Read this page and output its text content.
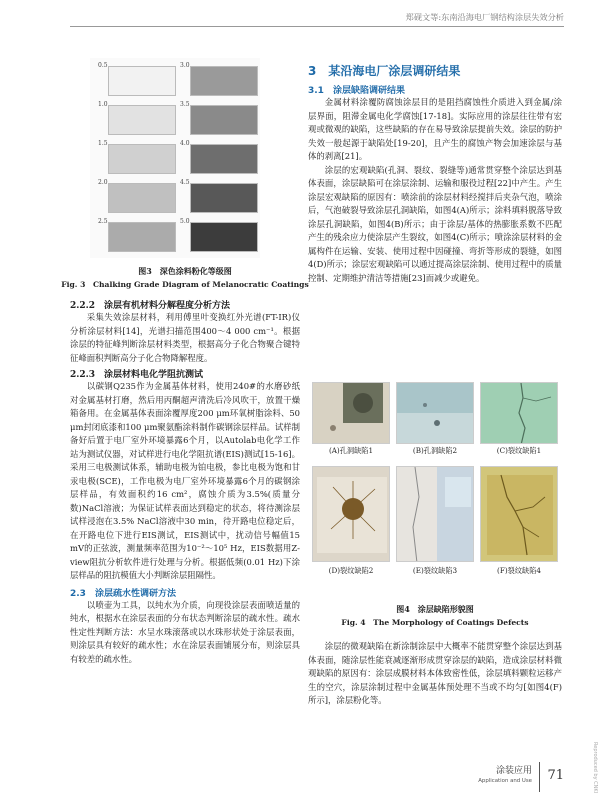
郑砚文等:东南沿海电厂钢结构涂层失效分析
0.5	3.0
1.0	3.5
1.5	4.0
2.0	4.5
2.5	5.0
图3　深色涂料粉化等级图
Fig. 3　Chalking Grade Diagram of Melanocratic Coatings
2.2.2　涂层有机材料分解程度分析方法

采集失效涂层材料，利用傅里叶变换红外光谱(FT-IR)仪分析涂层材料[14]，光谱扫描范围400～4 000 cm⁻¹。根据涂层的特征峰判断涂层材料类型，根据高分子化合物聚合键特征峰面积判断高分子化合物降解程度。

2.2.3　涂层材料电化学阻抗测试

以碳钢Q235作为金属基体材料，使用240#的水磨砂纸对金属基材打磨，然后用丙酮超声清洗后冷风吹干，放置干燥箱备用。在金属基体表面涂覆厚度200 μm环氧树脂涂料、50 μm封闭底漆和100 μm聚氨酯涂料制作碳钢涂层样品。试样制备好后置于电厂室外环境暴露6个月，以Autolab电化学工作站为测试仪器，对试样进行电化学阻抗谱(EIS)测试[15-16]。采用三电极测试体系，辅助电极为铂电极，参比电极为饱和甘汞电极(SCE)，工作电极为电厂室外环境暴露6个月的碳钢涂层样品，有效面积约16 cm²，腐蚀介质为3.5%(质量分数)NaCl溶液；为保证试样表面达到稳定的状态，将待测涂层试样浸泡在3.5% NaCl溶液中30 min，待开路电位稳定后，在开路电位下进行EIS测试，EIS测试中，扰动信号幅值15 mV的正弦波，测量频率范围为10⁻²～10⁵ Hz，EIS数据用Z-view阻抗分析软件进行处理与分析。根据低频(0.01 Hz)下涂层样品的阻抗模值大小判断涂层阻隔性。

2.3　涂层疏水性调研方法

以喷壶为工具，以纯水为介质，向现役涂层表面喷适量的纯水，根据水在涂层表面的分布状态判断涂层的疏水性。疏水性定性判断方法：水呈水珠滚落或以水珠形状处于涂层表面，则涂层具有较好的疏水性；水在涂层表面铺展分布，则涂层具有较差的疏水性。

3　某沿海电厂涂层调研结果
3.1　涂层缺陷调研结果

金属材料涂覆防腐蚀涂层目的是阻挡腐蚀性介质进入到金属/涂层界面，阻滞金属电化学腐蚀[17-18]。实际应用的涂层往往带有宏观或微观的缺陷，这些缺陷的存在易导致涂层提前失效。涂层的防护失效一般起源于缺陷处[19-20]，且产生的腐蚀产物会加速涂层与基体的剥离[21]。

涂层的宏观缺陷(孔洞、裂纹、裂缝等)通常贯穿整个涂层达到基体表面，涂层缺陷可在涂层涂制、运输和服役过程[22]中产生。产生涂层宏观缺陷的原因有：喷涂前的涂层材料经搅拌后夹杂气泡，喷涂后，气泡破裂导致涂层孔洞缺陷，如图4(A)所示；涂料填料脱落导致涂层孔洞缺陷，如图4(B)所示；由于涂层/基体的热膨胀系数不匹配产生的残余应力使涂层产生裂纹，如图4(C)所示；喷涂涂层材料的金属构件在运输、安装、使用过程中因碰撞、弯折等形成的裂缝，如图4(D)所示；涂层宏观缺陷可以通过提高涂层涂制、使用过程中的质量控制、定期维护清洁等措施[23]而减少或避免。

(A)孔洞缺陷1	(B)孔洞缺陷2	(C)裂纹缺陷1
(D)裂纹缺陷2	(E)裂纹缺陷3	(F)裂纹缺陷4
图4　涂层缺陷形貌图
Fig. 4　The Morphology of Coatings Defects

涂层的微观缺陷在新涂制涂层中大概率不能贯穿整个涂层达到基体表面，随涂层性能衰减逐渐形成贯穿涂层的缺陷，造成涂层材料微观缺陷的原因有：涂层成膜材料本体致密性低，涂层填料颗粒运移产生的空穴，涂层涂制过程中金属基体预处理不当或不均匀[如图4(F)所示]，涂层粉化等。

涂装应用
Application and Use 71	Reproduced by CNKI
